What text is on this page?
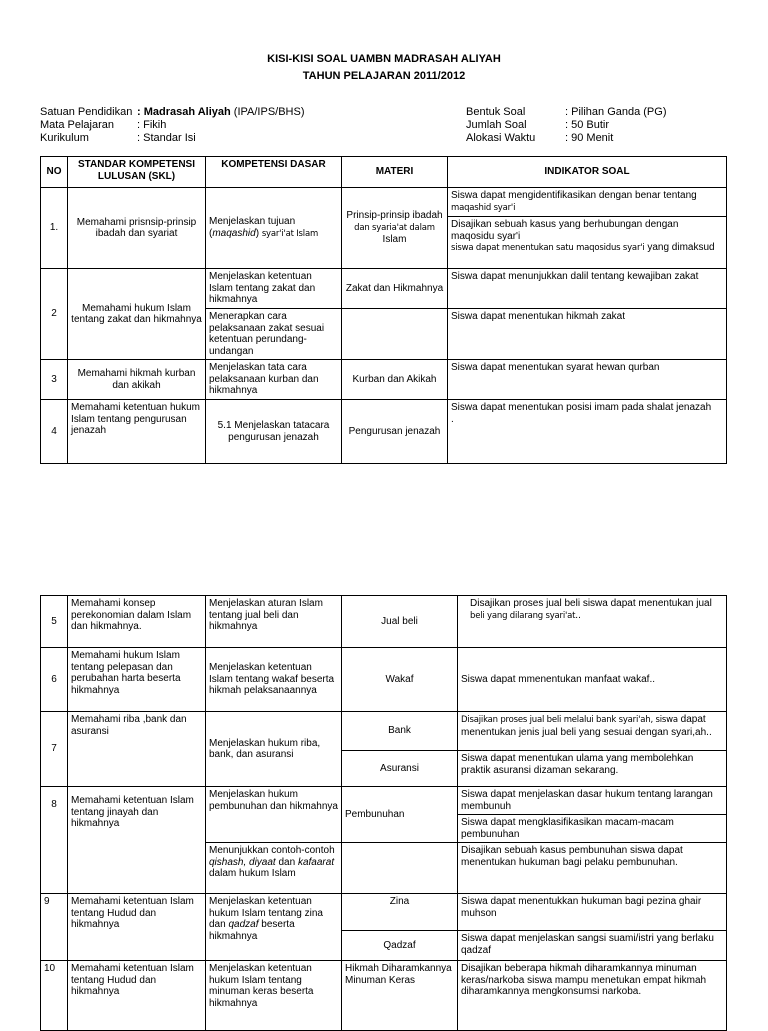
KISI-KISI SOAL UAMBN MADRASAH ALIYAH
TAHUN PELAJARAN 2011/2012
Satuan Pendidikan : Madrasah Aliyah (IPA/IPS/BHS)
Mata Pelajaran	: Fikih
Kurikulum	: Standar Isi
Bentuk Soal	: Pilihan Ganda (PG)
Jumlah Soal	: 50 Butir
Alokasi Waktu	: 90 Menit
NO	STANDAR KOMPETENSI LULUSAN (SKL)	KOMPETENSI DASAR	MATERI	INDIKATOR SOAL
1.	Memahami prisnsip-prinsip ibadah dan syariat	Menjelaskan tujuan (maqashid) syar'i'at Islam	Prinsip-prinsip ibadah dan syaria'at dalam Islam	Siswa dapat mengidentifikasikan dengan benar tentang maqashid syar'i
				Disajikan sebuah kasus yang berhubungan dengan maqosidu syar'i
siswa dapat menentukan satu maqosidus syar'i yang dimaksud
2	Memahami hukum Islam tentang zakat dan hikmahnya	Menjelaskan ketentuan Islam tentang zakat dan hikmahnya	Zakat dan Hikmahnya	Siswa dapat menunjukkan dalil tentang kewajiban zakat
		Menerapkan cara pelaksanaan zakat sesuai ketentuan perundang-undangan		Siswa dapat menentukan hikmah zakat
3	Memahami hikmah kurban dan akikah	Menjelaskan tata cara pelaksanaan kurban dan hikmahnya	Kurban dan Akikah	Siswa dapat menentukan syarat hewan qurban
4	Memahami ketentuan hukum Islam tentang pengurusan jenazah	5.1 Menjelaskan tatacara pengurusan jenazah	Pengurusan jenazah	Siswa dapat menentukan posisi imam pada shalat jenazah
.
5	Memahami konsep perekonomian dalam Islam dan hikmahnya.	Menjelaskan aturan Islam tentang jual beli dan hikmahnya	Jual beli	Disajikan proses jual beli siswa dapat menentukan jual
beli yang dilarang syari'at..
6	Memahami hukum Islam tentang pelepasan dan perubahan harta beserta hikmahnya	Menjelaskan ketentuan Islam tentang wakaf beserta hikmah pelaksanaannya	Wakaf	Siswa dapat mmenentukan manfaat wakaf..
7	Memahami riba ,bank dan asuransi	Menjelaskan hukum riba, bank, dan asuransi	Bank	Disajikan proses jual beli melalui bank syari'ah, siswa dapat menentukan jenis jual beli yang sesuai dengan syari,ah..
			Asuransi	Siswa dapat menentukan ulama yang membolehkan praktik asuransi dizaman sekarang.
8	Memahami ketentuan Islam tentang jinayah dan hikmahnya	Menjelaskan hukum pembunuhan dan hikmahnya	Pembunuhan	Siswa dapat menjelaskan dasar hukum tentang larangan membunuh
				Siswa dapat mengklasifikasikan macam-macam pembunuhan
		Menunjukkan contoh-contoh qishash, diyaat dan kafaarat dalam hukum Islam		Disajikan sebuah kasus pembunuhan siswa dapat menentukan hukuman bagi pelaku pembunuhan.
9	Memahami ketentuan Islam tentang Hudud dan hikmahnya	Menjelaskan ketentuan hukum Islam tentang zina dan qadzaf beserta hikmahnya	Zina	Siswa dapat menentukkan hukuman bagi pezina ghair muhson
			Qadzaf	Siswa dapat menjelaskan sangsi suami/istri yang berlaku qadzaf
10	Memahami ketentuan Islam tentang Hudud dan hikmahnya	Menjelaskan ketentuan hukum Islam tentang minuman keras beserta hikmahnya	Hikmah Diharamkannya Minuman Keras	Disajikan beberapa hikmah diharamkannya minuman keras/narkoba siswa mampu menetukan empat hikmah diharamkannya mengkonsumsi narkoba.
